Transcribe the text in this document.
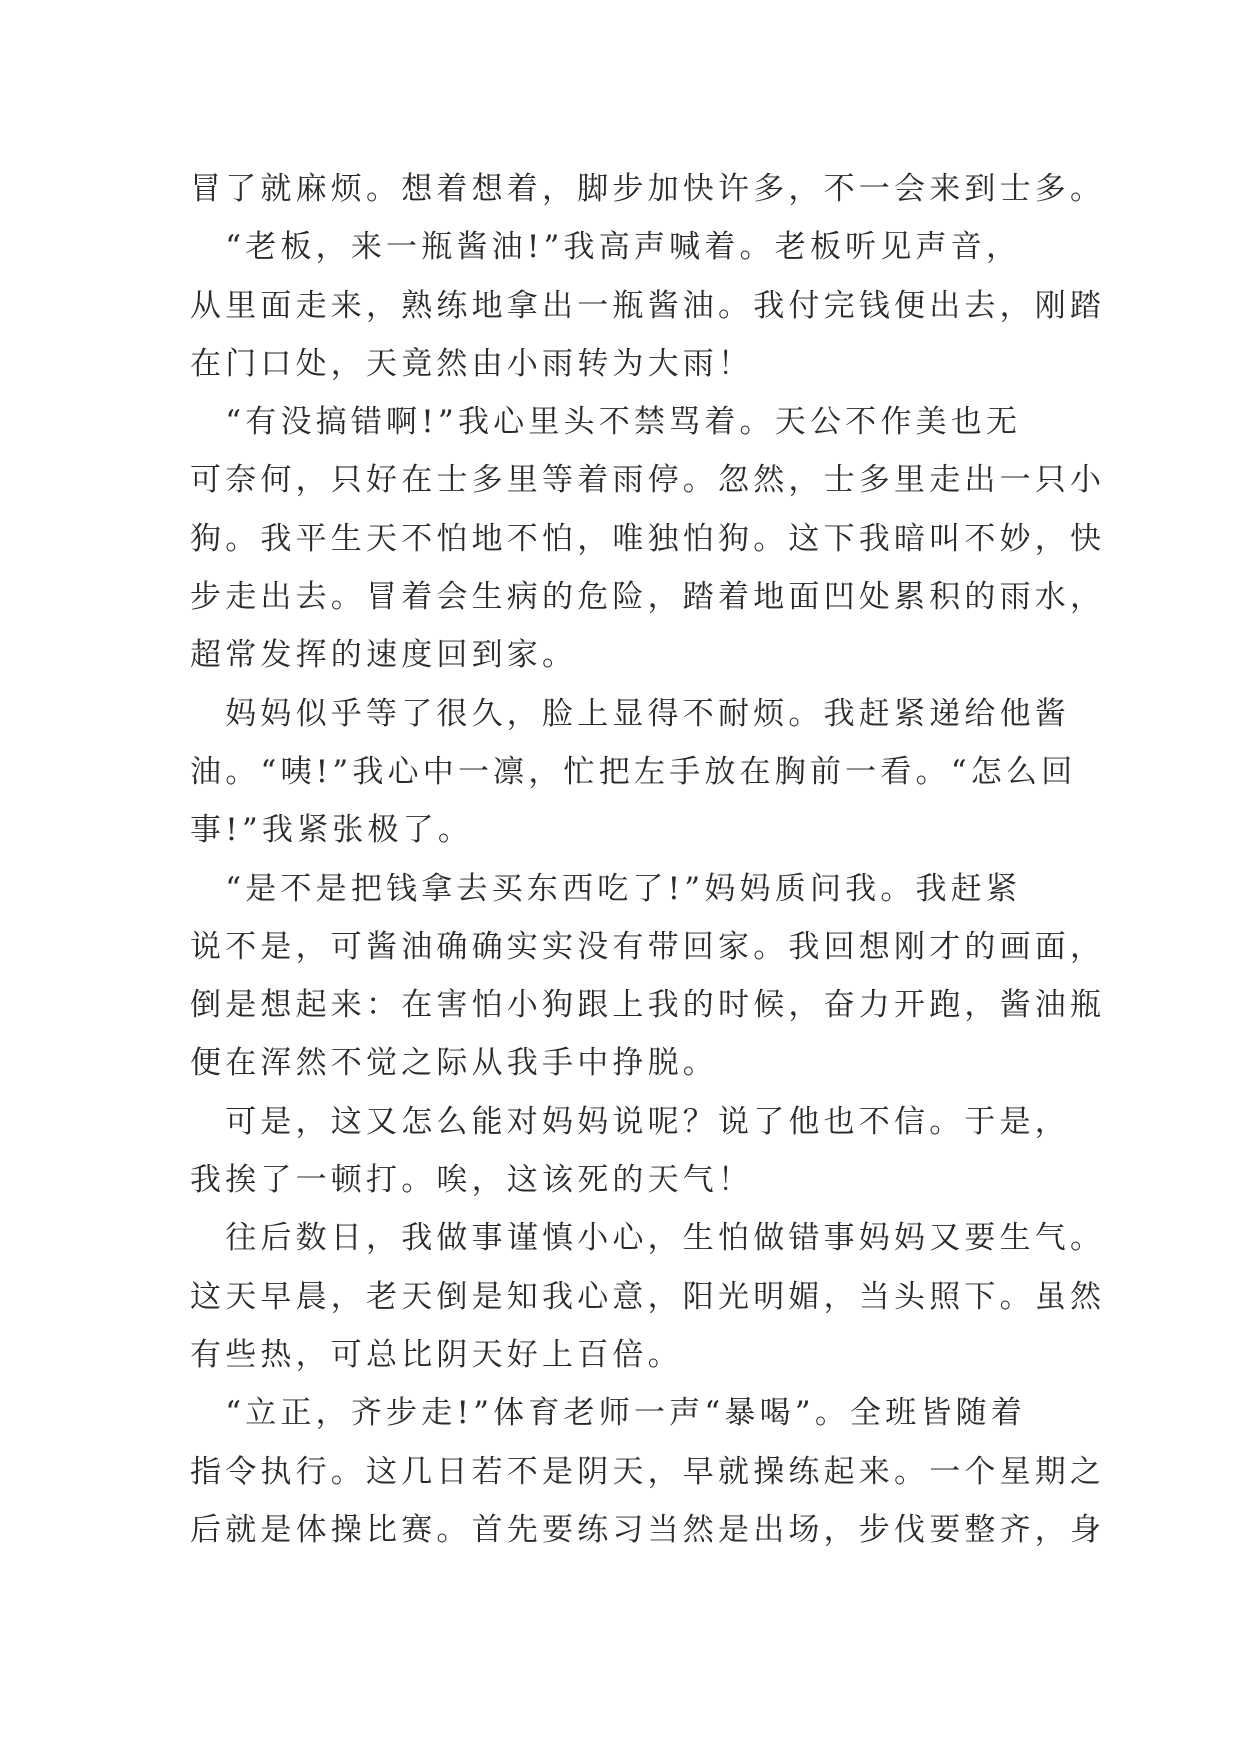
冒了就麻烦。想着想着，脚步加快许多，不一会来到士多。
　“老板，来一瓶酱油!”我高声喊着。老板听见声音，
从里面走来，熟练地拿出一瓶酱油。我付完钱便出去，刚踏
在门口处，天竟然由小雨转为大雨！
　“有没搞错啊!”我心里头不禁骂着。天公不作美也无
可奈何，只好在士多里等着雨停。忽然，士多里走出一只小
狗。我平生天不怕地不怕，唯独怕狗。这下我暗叫不妙，快
步走出去。冒着会生病的危险，踏着地面凹处累积的雨水，
超常发挥的速度回到家。
　妈妈似乎等了很久，脸上显得不耐烦。我赶紧递给他酱
油。“咦!”我心中一凛，忙把左手放在胸前一看。“怎么回
事!”我紧张极了。
　“是不是把钱拿去买东西吃了!”妈妈质问我。我赶紧
说不是，可酱油确确实实没有带回家。我回想刚才的画面，
倒是想起来：在害怕小狗跟上我的时候，奋力开跑，酱油瓶
便在浑然不觉之际从我手中挣脱。
　可是，这又怎么能对妈妈说呢？说了他也不信。于是，
我挨了一顿打。唉，这该死的天气！
　往后数日，我做事谨慎小心，生怕做错事妈妈又要生气。
这天早晨，老天倒是知我心意，阳光明媚，当头照下。虽然
有些热，可总比阴天好上百倍。
　“立正，齐步走!”体育老师一声“暴喝”。全班皆随着
指令执行。这几日若不是阴天，早就操练起来。一个星期之
后就是体操比赛。首先要练习当然是出场，步伐要整齐，身
